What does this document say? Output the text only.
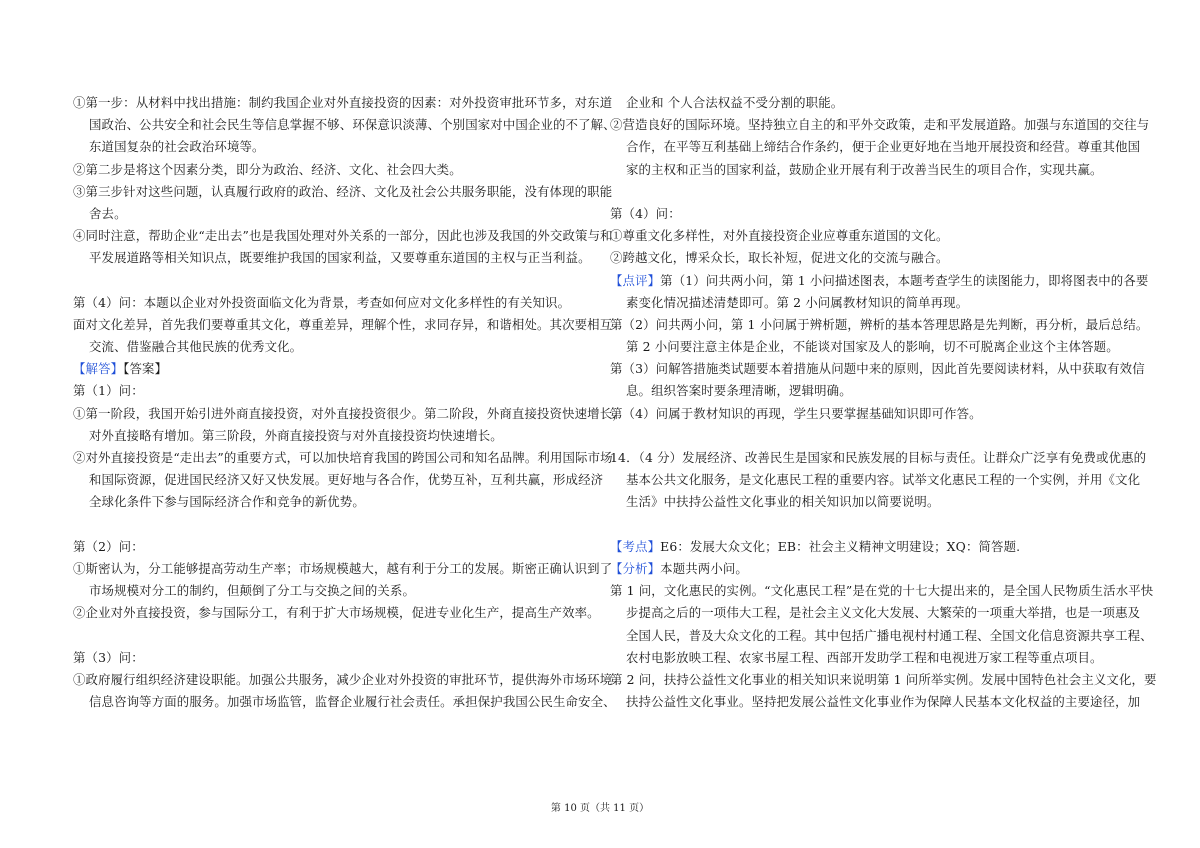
①第一步：从材料中找出措施：制约我国企业对外直接投资的因素：对外投资审批环节多，对东道
国政治、公共安全和社会民生等信息掌握不够、环保意识淡薄、个别国家对中国企业的不了解、
东道国复杂的社会政治环境等。
②第二步是将这个因素分类，即分为政治、经济、文化、社会四大类。
③第三步针对这些问题，认真履行政府的政治、经济、文化及社会公共服务职能，没有体现的职能
舍去。
④同时注意，帮助企业“走出去”也是我国处理对外关系的一部分，因此也涉及我国的外交政策与和
平发展道路等相关知识点，既要维护我国的国家利益，又要尊重东道国的主权与正当利益。
第（4）问：本题以企业对外投资面临文化为背景，考查如何应对文化多样性的有关知识。
面对文化差异，首先我们要尊重其文化，尊重差异，理解个性，求同存异，和谐相处。其次要相互
交流、借鉴融合其他民族的优秀文化。
【解答】【答案】
第（1）问：
①第一阶段，我国开始引进外商直接投资，对外直接投资很少。第二阶段，外商直接投资快速增长，
对外直接略有增加。第三阶段，外商直接投资与对外直接投资均快速增长。
②对外直接投资是“走出去”的重要方式，可以加快培育我国的跨国公司和知名品牌。利用国际市场
和国际资源，促进国民经济又好又快发展。更好地与各合作，优势互补，互利共赢，形成经济
全球化条件下参与国际经济合作和竞争的新优势。
第（2）问：
①斯密认为，分工能够提高劳动生产率；市场规模越大，越有利于分工的发展。斯密正确认识到了
市场规模对分工的制约，但颠倒了分工与交换之间的关系。
②企业对外直接投资，参与国际分工，有利于扩大市场规模，促进专业化生产，提高生产效率。
第（3）问：
①政府履行组织经济建设职能。加强公共服务，减少企业对外投资的审批环节，提供海外市场环境
信息咨询等方面的服务。加强市场监管，监督企业履行社会责任。承担保护我国公民生命安全、
企业和 个人合法权益不受分割的职能。
②营造良好的国际环境。坚持独立自主的和平外交政策，走和平发展道路。加强与东道国的交往与
合作，在平等互利基础上缔结合作条约，便于企业更好地在当地开展投资和经营。尊重其他国
家的主权和正当的国家利益，鼓励企业开展有利于改善当民生的项目合作，实现共赢。
第（4）问：
①尊重文化多样性，对外直接投资企业应尊重东道国的文化。
②跨越文化，博采众长，取长补短，促进文化的交流与融合。
【点评】第（1）问共两小问，第 1 小问描述图表，本题考查学生的读图能力，即将图表中的各要
素变化情况描述清楚即可。第 2 小问属教材知识的简单再现。
第（2）问共两小问，第 1 小问属于辨析题，辨析的基本答理思路是先判断，再分析，最后总结。
第 2 小问要注意主体是企业，不能谈对国家及人的影响，切不可脱离企业这个主体答题。
第（3）问解答措施类试题要本着措施从问题中来的原则，因此首先要阅读材料，从中获取有效信
息。组织答案时要条理清晰，逻辑明确。
第（4）问属于教材知识的再现，学生只要掌握基础知识即可作答。
14．（4 分）发展经济、改善民生是国家和民族发展的目标与责任。让群众广泛享有免费或优惠的
基本公共文化服务，是文化惠民工程的重要内容。试举文化惠民工程的一个实例，并用《文化
生活》中扶持公益性文化事业的相关知识加以简要说明。
【考点】E6：发展大众文化；EB：社会主义精神文明建设；XQ：简答题.
【分析】本题共两小问。
第 1 问，文化惠民的实例。“文化惠民工程”是在党的十七大提出来的，是全国人民物质生活水平快
步提高之后的一项伟大工程，是社会主义文化大发展、大繁荣的一项重大举措，也是一项惠及
全国人民，普及大众文化的工程。其中包括广播电视村村通工程、全国文化信息资源共享工程、
农村电影放映工程、农家书屋工程、西部开发助学工程和电视进万家工程等重点项目。
第 2 问，扶持公益性文化事业的相关知识来说明第 1 问所举实例。发展中国特色社会主义文化，要
扶持公益性文化事业。坚持把发展公益性文化事业作为保障人民基本文化权益的主要途径，加
第 10 页（共 11 页）
